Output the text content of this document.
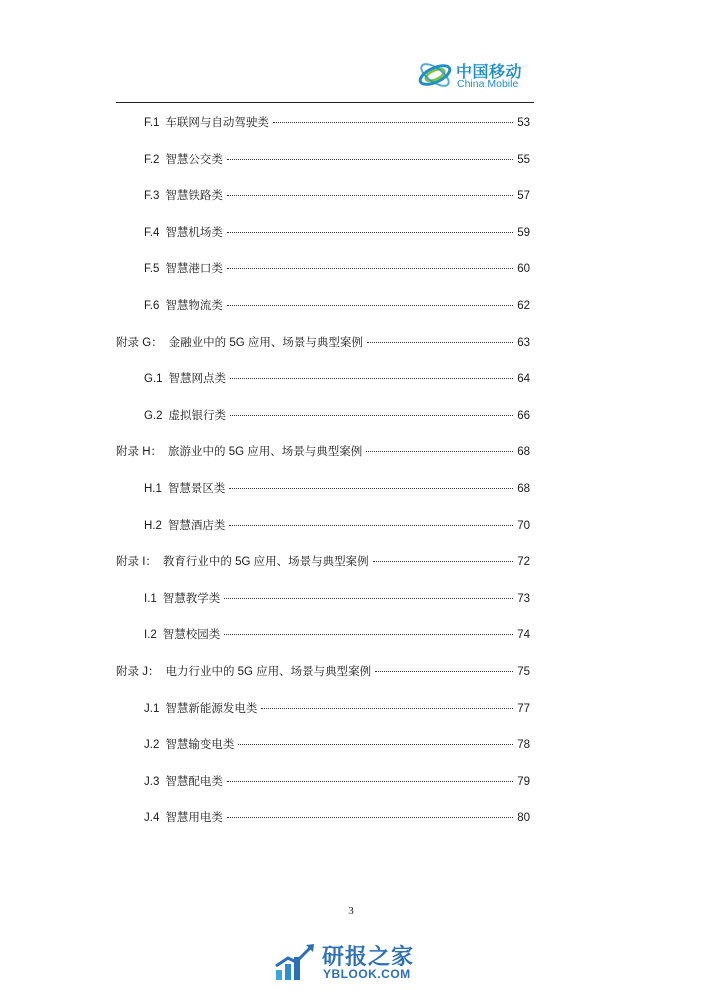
中国移动
China Mobile
F.1 车联网与自动驾驶类	53
F.2 智慧公交类	55
F.3 智慧铁路类	57
F.4 智慧机场类	59
F.5 智慧港口类	60
F.6 智慧物流类	62
附录 G： 金融业中的 5G 应用、场景与典型案例	63
G.1 智慧网点类	64
G.2 虚拟银行类	66
附录 H： 旅游业中的 5G 应用、场景与典型案例	68
H.1 智慧景区类	68
H.2 智慧酒店类	70
附录 I： 教育行业中的 5G 应用、场景与典型案例	72
I.1 智慧教学类	73
I.2 智慧校园类	74
附录 J： 电力行业中的 5G 应用、场景与典型案例	75
J.1 智慧新能源发电类	77
J.2 智慧输变电类	78
J.3 智慧配电类	79
J.4 智慧用电类	80
3
研报之家
YBLOOK.COM
